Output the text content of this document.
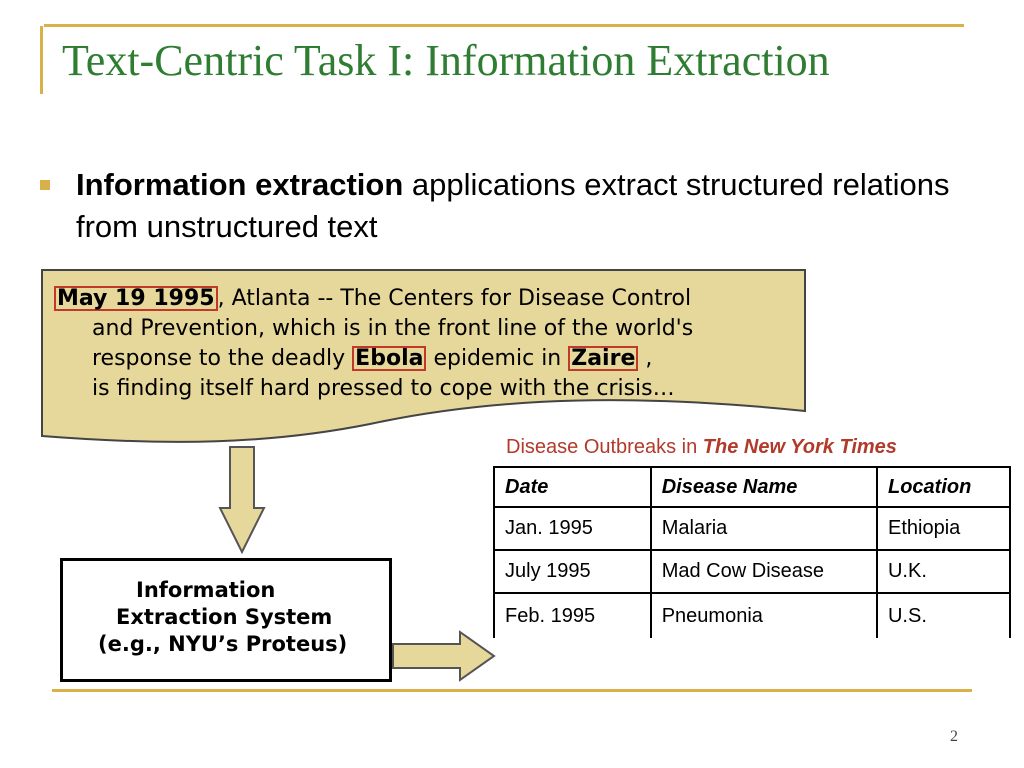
Text-Centric Task I: Information Extraction
Information extraction applications extract structured relations from unstructured text
May 19 1995 , Atlanta -- The Centers for Disease Control
and Prevention, which is in the front line of the world's
response to the deadly Ebola epidemic in Zaire ,
is finding itself hard pressed to cope with the crisis…
Information
Extraction System
(e.g., NYU’s Proteus)
Disease Outbreaks in The New York Times
Date	Disease Name	Location
Jan. 1995	Malaria	Ethiopia
July 1995	Mad Cow Disease	U.K.
Feb. 1995	Pneumonia	U.S.
2
